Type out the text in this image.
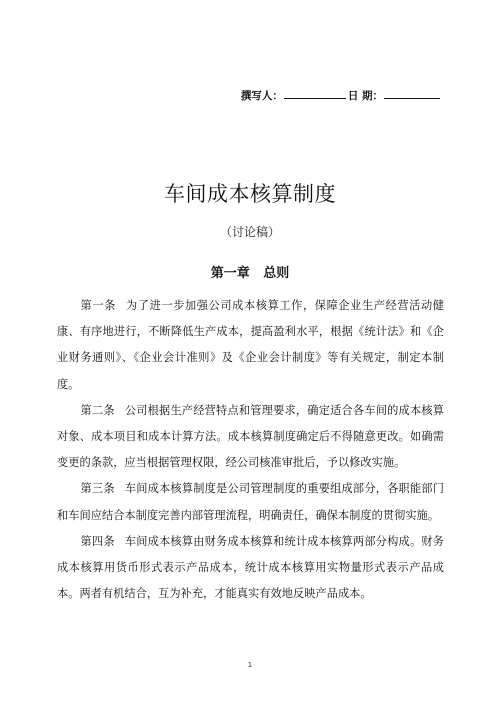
撰写人：	日 期：
车间成本核算制度

（讨论稿）

第一章   总则

第一条 为了进一步加强公司成本核算工作，保障企业生产经营活动健康、有序地进行，不断降低生产成本，提高盈利水平，根据《统计法》和《企业财务通则》、《企业会计准则》及《企业会计制度》等有关规定，制定本制度。

第二条 公司根据生产经营特点和管理要求，确定适合各车间的成本核算对象、成本项目和成本计算方法。成本核算制度确定后不得随意更改。如确需变更的条款，应当根据管理权限，经公司核准审批后，予以修改实施。

第三条 车间成本核算制度是公司管理制度的重要组成部分，各职能部门和车间应结合本制度完善内部管理流程，明确责任，确保本制度的贯彻实施。

第四条 车间成本核算由财务成本核算和统计成本核算两部分构成。财务成本核算用货币形式表示产品成本，统计成本核算用实物量形式表示产品成本。两者有机结合，互为补充，才能真实有效地反映产品成本。

1
